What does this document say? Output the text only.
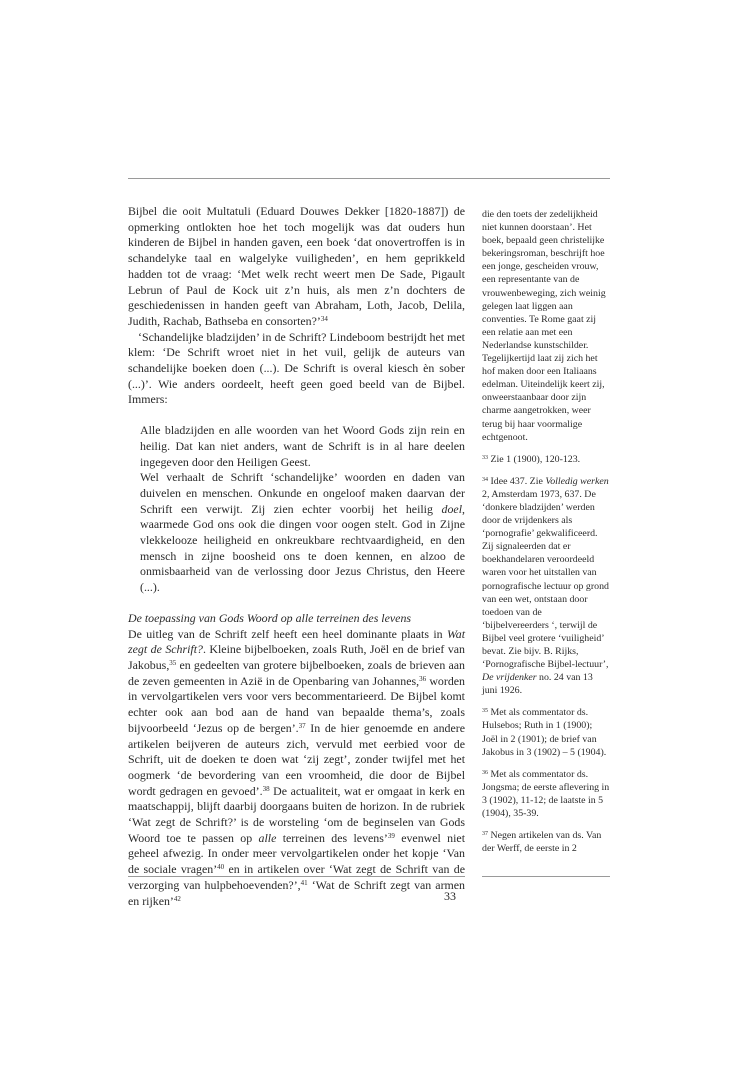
Bijbel die ooit Multatuli (Eduard Douwes Dekker [1820-1887]) de opmerking ontlokten hoe het toch mogelijk was dat ouders hun kinderen de Bijbel in handen gaven, een boek ‘dat onovertroffen is in schandelyke taal en walgelyke vuiligheden’, en hem geprikkeld hadden tot de vraag: ‘Met welk recht weert men De Sade, Pigault Lebrun of Paul de Kock uit z’n huis, als men z’n dochters de geschiedenissen in handen geeft van Abraham, Loth, Jacob, Delila, Judith, Rachab, Bathseba en consorten?’$^{34}$

‘Schandelijke bladzijden’ in de Schrift? Lindeboom bestrijdt het met klem: ‘De Schrift wroet niet in het vuil, gelijk de auteurs van schandelijke boeken doen (...). De Schrift is overal kiesch èn sober (...)’. Wie anders oordeelt, heeft geen goed beeld van de Bijbel. Immers:

Alle bladzijden en alle woorden van het Woord Gods zijn rein en heilig. Dat kan niet anders, want de Schrift is in al hare deelen ingegeven door den Heiligen Geest.

Wel verhaalt de Schrift ‘schandelijke’ woorden en daden van duivelen en menschen. Onkunde en ongeloof maken daarvan der Schrift een verwijt. Zij zien echter voorbij het heilig doel, waarmede God ons ook die dingen voor oogen stelt. God in Zijne vlekkelooze heiligheid en onkreukbare rechtvaardigheid, en den mensch in zijne boosheid ons te doen kennen, en alzoo de onmisbaarheid van de verlossing door Jezus Christus, den Heere (...).

De toepassing van Gods Woord op alle terreinen des levens

De uitleg van de Schrift zelf heeft een heel dominante plaats in Wat zegt de Schrift?. Kleine bijbelboeken, zoals Ruth, Joël en de brief van Jakobus,$^{35}$ en gedeelten van grotere bijbelboeken, zoals de brieven aan de zeven gemeenten in Azië in de Openbaring van Johannes,$^{36}$ worden in vervolgartikelen vers voor vers becommentarieerd. De Bijbel komt echter ook aan bod aan de hand van bepaalde thema’s, zoals bijvoorbeeld ‘Jezus op de bergen’.$^{37}$ In de hier genoemde en andere artikelen beijveren de auteurs zich, vervuld met eerbied voor de Schrift, uit de doeken te doen wat ‘zij zegt’, zonder twijfel met het oogmerk ‘de bevordering van een vroomheid, die door de Bijbel wordt gedragen en gevoed’.$^{38}$ De actualiteit, wat er omgaat in kerk en maatschappij, blijft daarbij doorgaans buiten de horizon. In de rubriek ‘Wat zegt de Schrift?’ is de worsteling ‘om de beginselen van Gods Woord toe te passen op alle terreinen des levens’$^{39}$ evenwel niet geheel afwezig. In onder meer vervolgartikelen onder het kopje ‘Van de sociale vragen’$^{40}$ en in artikelen over ‘Wat zegt de Schrift van de verzorging van hulpbehoevenden?’,$^{41}$ ‘Wat de Schrift zegt van armen en rijken’$^{42}$

die den toets der zedelijkheid niet kunnen doorstaan’. Het boek, bepaald geen christelijke bekeringsroman, beschrijft hoe een jonge, gescheiden vrouw, een representante van de vrouwenbeweging, zich weinig gelegen laat liggen aan conventies. Te Rome gaat zij een relatie aan met een Nederlandse kunstschilder. Tegelijkertijd laat zij zich het hof maken door een Italiaans edelman. Uiteindelijk keert zij, onweerstaanbaar door zijn charme aangetrokken, weer terug bij haar voormalige echtgenoot.

$^{33}$ Zie 1 (1900), 120-123.

$^{34}$ Idee 437. Zie Volledig werken 2, Amsterdam 1973, 637. De ‘donkere bladzijden’ werden door de vrijdenkers als ‘pornografie’ gekwalificeerd. Zij signaleerden dat er boekhandelaren veroordeeld waren voor het uitstallen van pornografische lectuur op grond van een wet, ontstaan door toedoen van de ‘bijbelvereerders ‘, terwijl de Bijbel veel grotere ‘vuiligheid’ bevat. Zie bijv. B. Rijks, ‘Pornografische Bijbel-lectuur’, De vrijdenker no. 24 van 13 juni 1926.

$^{35}$ Met als commentator ds. Hulsebos; Ruth in 1 (1900); Joël in 2 (1901); de brief van Jakobus in 3 (1902) – 5 (1904).

$^{36}$ Met als commentator ds. Jongsma; de eerste aflevering in 3 (1902), 11-12; de laatste in 5 (1904), 35-39.

$^{37}$ Negen artikelen van ds. Van der Werff, de eerste in 2

33
